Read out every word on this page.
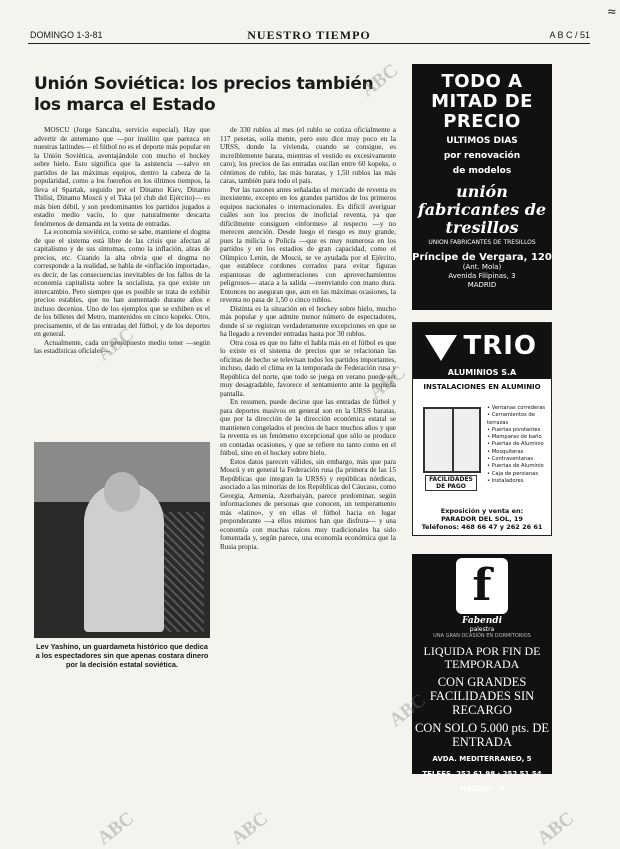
DOMINGO 1-3-81	NUESTRO TIEMPO	A B C / 51
≈
Unión Soviética: los precios también los marca el Estado

MOSCU (Jorge Sancalta, servicio especial). Hay que advertir de antemano que —por insólito que parezca en nuestras latitudes— el fútbol no es el deporte más popular en la Unión Soviética, aventajándole con mucho el hockey sobre hielo. Esto significa que la asistencia —salvo en partidos de las máximas equipos, dentro la cabeza de la popularidad, como a los fuereños en los últimos tiempos, la lleva el Spartak, seguido por el Dinamo Kiev, Dinamo Tbilisi, Dinamo Moscú y el Tska (el club del Ejército)— es más bien débil, y son predominantes los partidos jugados a estadio medio vacío, lo que naturalmente descarta fenómenos de demanda en la venta de entradas.

La economía soviética, como se sabe, mantiene el dogma de que el sistema está libre de las crisis que afectan al capitalismo y de sus síntomas, como la inflación, alzas de precios, etc. Cuando la alta obvia que el dogma no corresponde a la realidad, se habla de «inflación importada», es decir, de las consecuencias inevitables de los fallos de la economía capitalista sobre la socialista, ya que existe un intercambio. Pero siempre que es posible se trata de exhibir precios estables, que no han aumentado durante años e incluso decenios. Uno de los ejemplos que se exhiben es el de los billetes del Metro, mantenidos en cinco kopeks. Otro, precisamente, el de las entradas del fútbol, y de los deportes en general.

Actualmente, cada un presupuesto medio tener —según las estadísticas oficiales—

Lev Yashino, un guardameta histórico que dedica a los espectadores sin que apenas costara dinero por la decisión estatal soviética.

de 330 rublos al mes (el rublo se cotiza oficialmente a 117 pesetas, solía mente, pero esto dice muy poco en la URSS, donde la vivienda, cuando se consigue, es increíblemente barata, mientras el vestido es excesivamente caro), los precios de las entradas oscilan entre 60 kopeks, o céntimos de rublo, las más baratas, y 1,50 rublos las más caras, también para todo el país.

Por las razones antes señaladas el mercado de reventa es inexistente, excepto en los grandes partidos de los primeros equipos nacionales o internacionales. Es difícil averiguar cuáles son los precios de inoficial reventa, ya que difícilmente consiguen «informes» al respecto —y no merecen atención. Desde luego el riesgo es muy grande, pues la milicia o Policía —que es muy numerosa en los partidos y en los estadios de gran capacidad, como el Olímpico Lenin, de Moscú, se ve ayudada por el Ejército, que establece cordones cerrados para evitar figuras espantosas de aglomeraciones con aprovechamientos peligrosos— ataca a la salida —reenviando con mano dura. Entonces no aseguran que, aun en las máximas ocasiones, la reventa no pasa de 1,50 o cinco rublos.

Distinta es la situación en el hockey sobre hielo, mucho más popular y que admite menor número de espectadores, donde sí se registran verdaderamente excepciones en que se ha llegado a revender entradas hasta por 30 rublos.

Otra cosa es que no falte el habla más en el fútbol es que lo existe es el sistema de precios que se relacionan las oficinas de hecho se televisan todos los partidos importantes, incluso, dado el clima en la temporada de Federación rusa y República del norte, que todo se juega en verano puede ser muy desagradable, favorece el sentamiento ante la pequeña pantalla.

En resumen, puede decirse que las entradas de fútbol y para deportes masivos en general son en la URSS baratas, que por la dirección de la dirección económica estatal se mantienen congelados el precios de hace muchos años y que la reventa es un fenómeno excepcional que sólo se produce en contadas ocasiones, y que se refiere no tanto como en el fútbol, sino en el hockey sobre hielo.

Estos datos parecen válidos, sin embargo, más que para Moscú y en general la Federación rusa (la primera de las 15 Repúblicas que integran la URSS) y repúblicas nórdicas, asociado a las minorías de los Repúblicas del Cáucaso, como Georgia, Armenia, Azerbaiyán, parece predominar, según informaciones de personas que conocen, un temperamento más «latino», y en ellas el fútbol hacia en lugar preponderante —a ellos mismos han que disfruta— y una economía con muchas raíces muy tradicionales ha sido fomentada y, según parece, una economía económica que la Rusia propia.

TODO A MITAD DE PRECIO
ULTIMOS DIAS
por renovación
de modelos
unión fabricantes de tresillos
UNION FABRICANTES DE TRESILLOS
Príncipe de Vergara, 120
(Ant. Mola)
Avenida Filipinas, 3
MADRID
TRIO
ALUMINIOS S.A
INSTALACIONES EN ALUMINIO
• Ventanas correderas
• Cerramientos de terrazas
• Puertas pivotantes
• Mamparas de baño
• Puertas de Aluminio
• Mosquiteras
• Contraventanas
• Puertas de Aluminio
• Caja de persianas
• Instaladores
FACILIDADES DE PAGO
Exposición y venta en:
PARADOR DEL SOL, 19
Teléfonos: 468 66 47 y 262 26 61
f
Fabendi
palestra
UNA GRAN OCASIÓN EN DORMITORIOS
LIQUIDA POR FIN DE TEMPORADA
CON GRANDES FACILIDADES SIN RECARGO
CON SOLO 5.000 pts. DE ENTRADA
AVDA. MEDITERRANEO, 5
TELEFS. 252 61 98 · 252 51 54
MADRID - 7
ABC
ABC
ABC
ABC	ABC
ABC
ABC
